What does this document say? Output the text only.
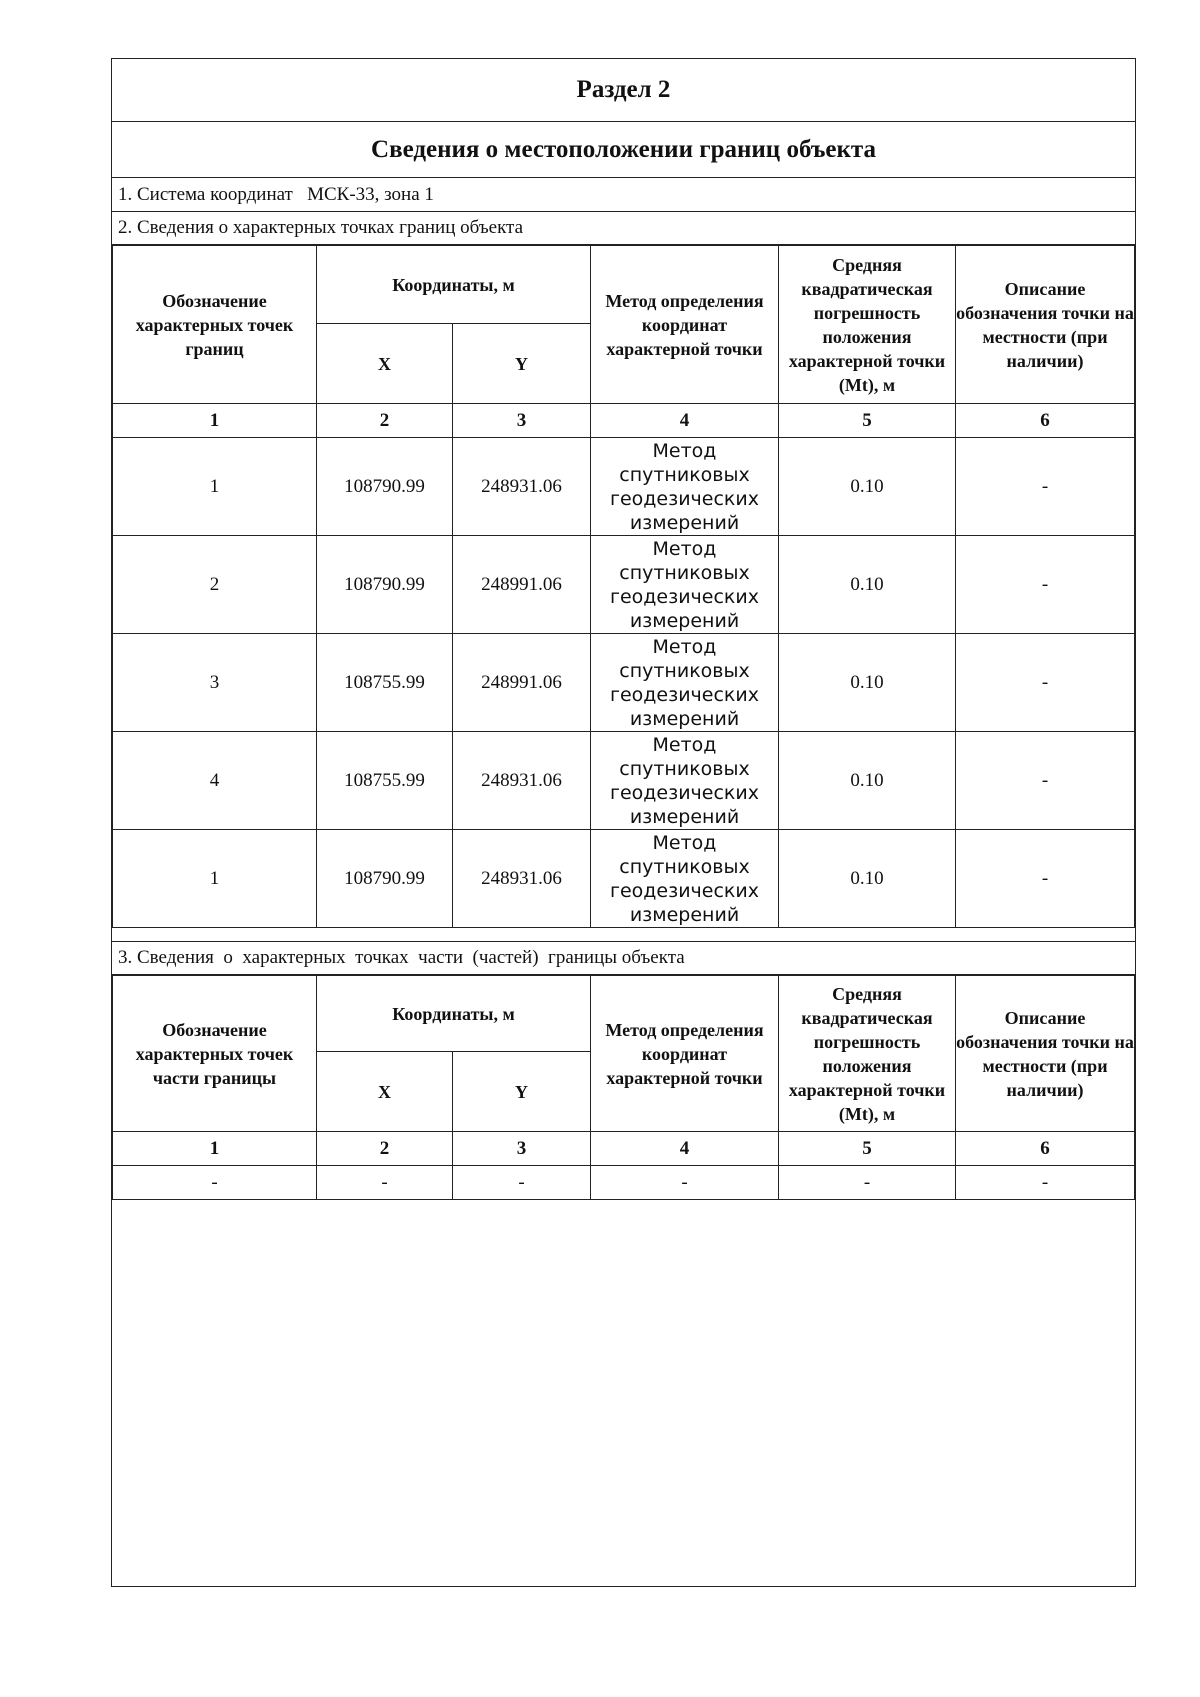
Раздел 2
Сведения о местоположении границ объекта
1. Система координат   МСК-33, зона 1
2. Сведения о характерных точках границ объекта
Обозначение характерных точек границ	Координаты, м		Метод определения координат характерной точки	Средняя квадратическая погрешность положения характерной точки (Mt), м	Описание обозначения точки на местности (при наличии)
	X	Y			
1	2	3	4	5	6
1	108790.99	248931.06	Метод спутниковых геодезических измерений	0.10	-
2	108790.99	248991.06	Метод спутниковых геодезических измерений	0.10	-
3	108755.99	248991.06	Метод спутниковых геодезических измерений	0.10	-
4	108755.99	248931.06	Метод спутниковых геодезических измерений	0.10	-
1	108790.99	248931.06	Метод спутниковых геодезических измерений	0.10	-
3. Сведения  о  характерных  точках  части  (частей)  границы объекта
Обозначение характерных точек части границы	Координаты, м		Метод определения координат характерной точки	Средняя квадратическая погрешность положения характерной точки (Mt), м	Описание обозначения точки на местности (при наличии)
	X	Y			
1	2	3	4	5	6
-	-	-	-	-	-
